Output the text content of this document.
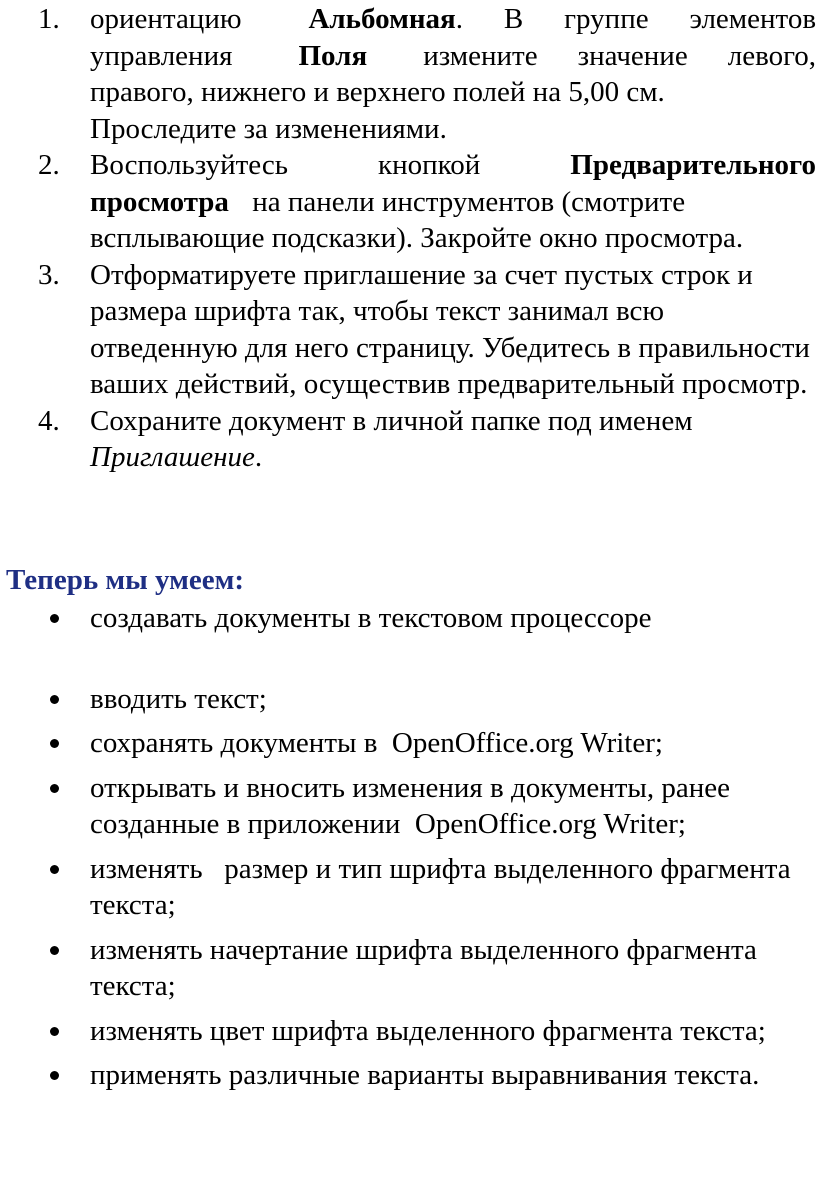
1. ориентацию Альбомная. В группе элементов
управления Поля измените значение левого,
правого, нижнего и верхнего полей на 5,00 см. Проследите за изменениями.
2. Воспользуйтесь кнопкой	Предварительного
просмотра на панели инструментов (смотрите всплывающие подсказки). Закройте окно просмотра.
3. Отформатируете приглашение за счет пустых строк и размера шрифта так, чтобы текст занимал всю отведенную для него страницу. Убедитесь в правильности ваших действий, осуществив предварительный просмотр.
4. Сохраните документ в личной папке под именем Приглашение.
Теперь мы умеем:
создавать документы в текстовом процессоре
вводить текст;
сохранять документы в  OpenOffice.org Writer;
открывать и вносить изменения в документы, ранее созданные в приложении  OpenOffice.org Writer;
изменять   размер и тип шрифта выделенного фрагмента текста;
изменять начертание шрифта выделенного фрагмента текста;
изменять цвет шрифта выделенного фрагмента текста;
применять различные варианты выравнивания текста.
